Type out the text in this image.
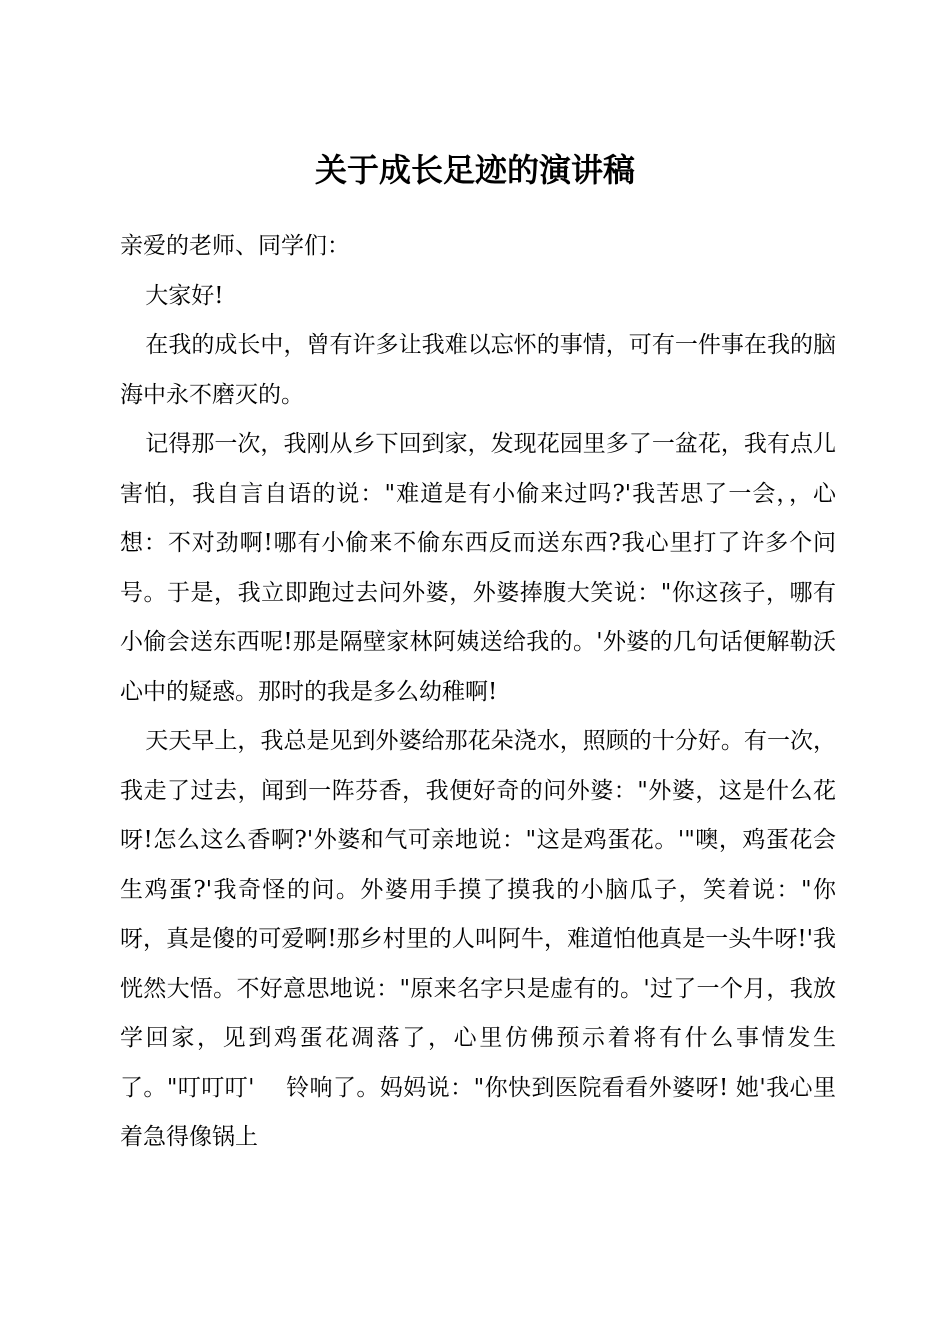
关于成长足迹的演讲稿

亲爱的老师、同学们：

大家好!

在我的成长中，曾有许多让我难以忘怀的事情，可有一件事在我的脑海中永不磨灭的。

记得那一次，我刚从乡下回到家，发现花园里多了一盆花，我有点儿害怕，我自言自语的说："难道是有小偷来过吗?'我苦思了一会，，心想：不对劲啊!哪有小偷来不偷东西反而送东西?我心里打了许多个问号。于是，我立即跑过去问外婆，外婆捧腹大笑说："你这孩子，哪有小偷会送东西呢!那是隔壁家林阿姨送给我的。'外婆的几句话便解勒沃心中的疑惑。那时的我是多么幼稚啊!

天天早上，我总是见到外婆给那花朵浇水，照顾的十分好。有一次，我走了过去，闻到一阵芬香，我便好奇的问外婆："外婆，这是什么花呀!怎么这么香啊?'外婆和气可亲地说："这是鸡蛋花。'"噢，鸡蛋花会生鸡蛋?'我奇怪的问。外婆用手摸了摸我的小脑瓜子，笑着说："你呀，真是傻的可爱啊!那乡村里的人叫阿牛，难道怕他真是一头牛呀!'我恍然大悟。不好意思地说："原来名字只是虚有的。'过了一个月，我放学回家，见到鸡蛋花凋落了，心里仿佛预示着将有什么事情发生了。"叮叮叮'　 铃响了。妈妈说："你快到医院看看外婆呀! 她'我心里着急得像锅上
